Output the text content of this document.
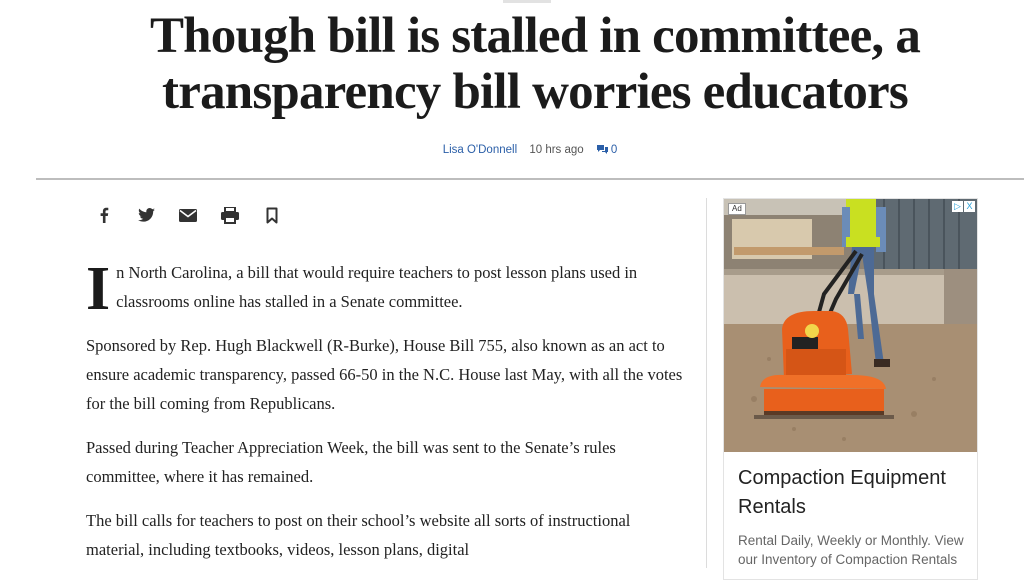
Though bill is stalled in committee, a transparency bill worries educators
Lisa O'Donnell 10 hrs ago 0

In North Carolina, a bill that would require teachers to post lesson plans used in classrooms online has stalled in a Senate committee.

Sponsored by Rep. Hugh Blackwell (R-Burke), House Bill 755, also known as an act to ensure academic transparency, passed 66-50 in the N.C. House last May, with all the votes for the bill coming from Republicans.

Passed during Teacher Appreciation Week, the bill was sent to the Senate’s rules committee, where it has remained.

The bill calls for teachers to post on their school’s website all sorts of instructional material, including textbooks, videos, lesson plans, digital

Ad	▷ X
Compaction Equipment Rentals
Rental Daily, Weekly or Monthly. View our Inventory of Compaction Rentals
